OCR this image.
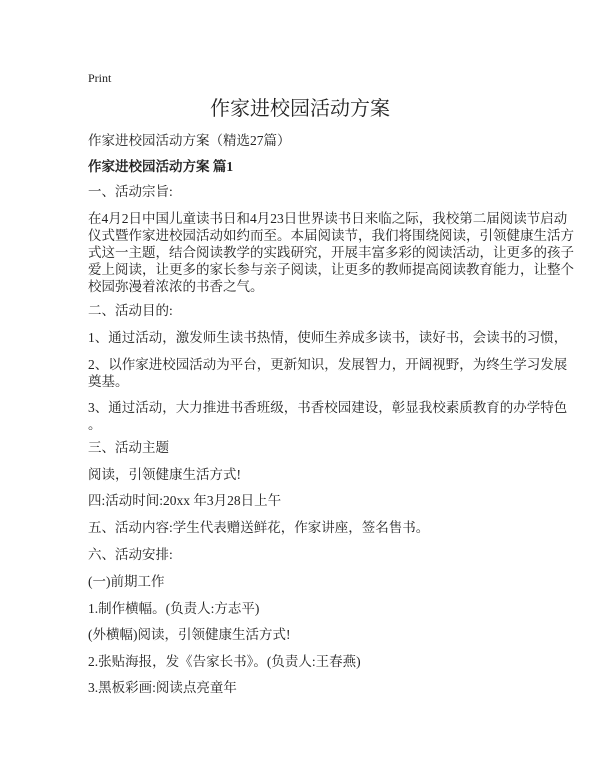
Print
作家进校园活动方案
作家进校园活动方案（精选27篇）
作家进校园活动方案 篇1
一、活动宗旨:
在4月2日中国儿童读书日和4月23日世界读书日来临之际，我校第二届阅读节启动
仪式暨作家进校园活动如约而至。本届阅读节，我们将围绕阅读，引领健康生活方
式这一主题，结合阅读教学的实践研究，开展丰富多彩的阅读活动，让更多的孩子
爱上阅读，让更多的家长参与亲子阅读，让更多的教师提高阅读教育能力，让整个
校园弥漫着浓浓的书香之气。
二、活动目的:
1、通过活动，激发师生读书热情，使师生养成多读书，读好书，会读书的习惯，
2、以作家进校园活动为平台，更新知识，发展智力，开阔视野，为终生学习发展
奠基。
3、通过活动，大力推进书香班级，书香校园建设，彰显我校素质教育的办学特色
。
三、活动主题
阅读，引领健康生活方式!
四:活动时间:20xx 年3月28日上午
五、活动内容:学生代表赠送鲜花，作家讲座，签名售书。
六、活动安排:
(一)前期工作
1.制作横幅。(负责人:方志平)
(外横幅)阅读，引领健康生活方式!
2.张贴海报，发《告家长书》。(负责人:王春燕)
3.黑板彩画:阅读点亮童年
